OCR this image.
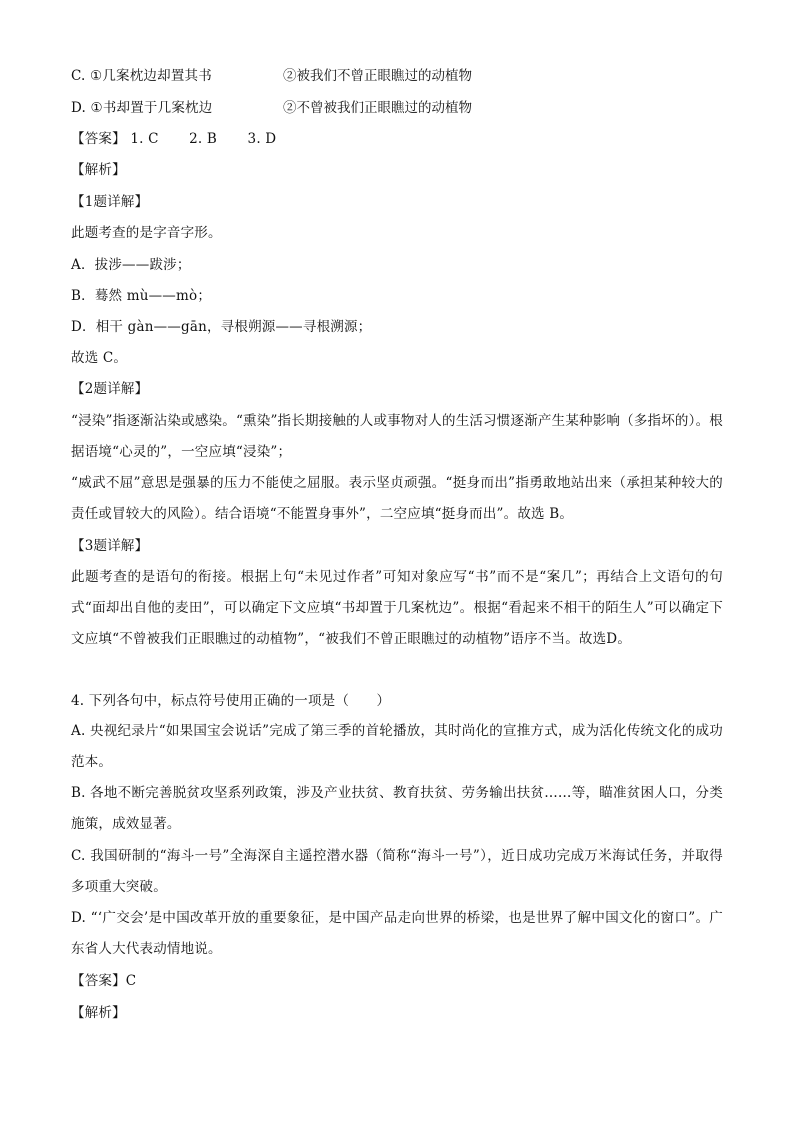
C. ①几案枕边却置其书	②被我们不曾正眼瞧过的动植物
D. ①书却置于几案枕边	②不曾被我们正眼瞧过的动植物
【答案】 1. C 2. B 3. D
【解析】
【1题详解】
此题考查的是字音字形。
A．拔涉——跋涉；
B．蓦然 mù——mò；
D．相干 gàn——gān，寻根朔源——寻根溯源；
故选 C。
【2题详解】
“浸染”指逐渐沾染或感染。“熏染”指长期接触的人或事物对人的生活习惯逐渐产生某种影响（多指坏的）。根据语境“心灵的”，一空应填“浸染”；
“威武不屈”意思是强暴的压力不能使之屈服。表示坚贞顽强。“挺身而出”指勇敢地站出来（承担某种较大的责任或冒较大的风险）。结合语境“不能置身事外”，二空应填“挺身而出”。故选 B。
【3题详解】
此题考查的是语句的衔接。根据上句“未见过作者”可知对象应写“书”而不是“案几”；再结合上文语句的句式“面却出自他的麦田”，可以确定下文应填“书却置于几案枕边”。根据“看起来不相干的陌生人”可以确定下文应填“不曾被我们正眼瞧过的动植物”，“被我们不曾正眼瞧过的动植物”语序不当。故选D。
4. 下列各句中，标点符号使用正确的一项是（　　）
A. 央视纪录片“如果国宝会说话”完成了第三季的首轮播放，其时尚化的宣推方式，成为活化传统文化的成功范本。
B. 各地不断完善脱贫攻坚系列政策，涉及产业扶贫、教育扶贫、劳务输出扶贫……等，瞄准贫困人口，分类施策，成效显著。
C. 我国研制的“海斗一号”全海深自主遥控潜水器（简称“海斗一号”），近日成功完成万米海试任务，并取得多项重大突破。
D. “‘广交会’是中国改革开放的重要象征，是中国产品走向世界的桥梁，也是世界了解中国文化的窗口”。广东省人大代表动情地说。
【答案】C
【解析】
